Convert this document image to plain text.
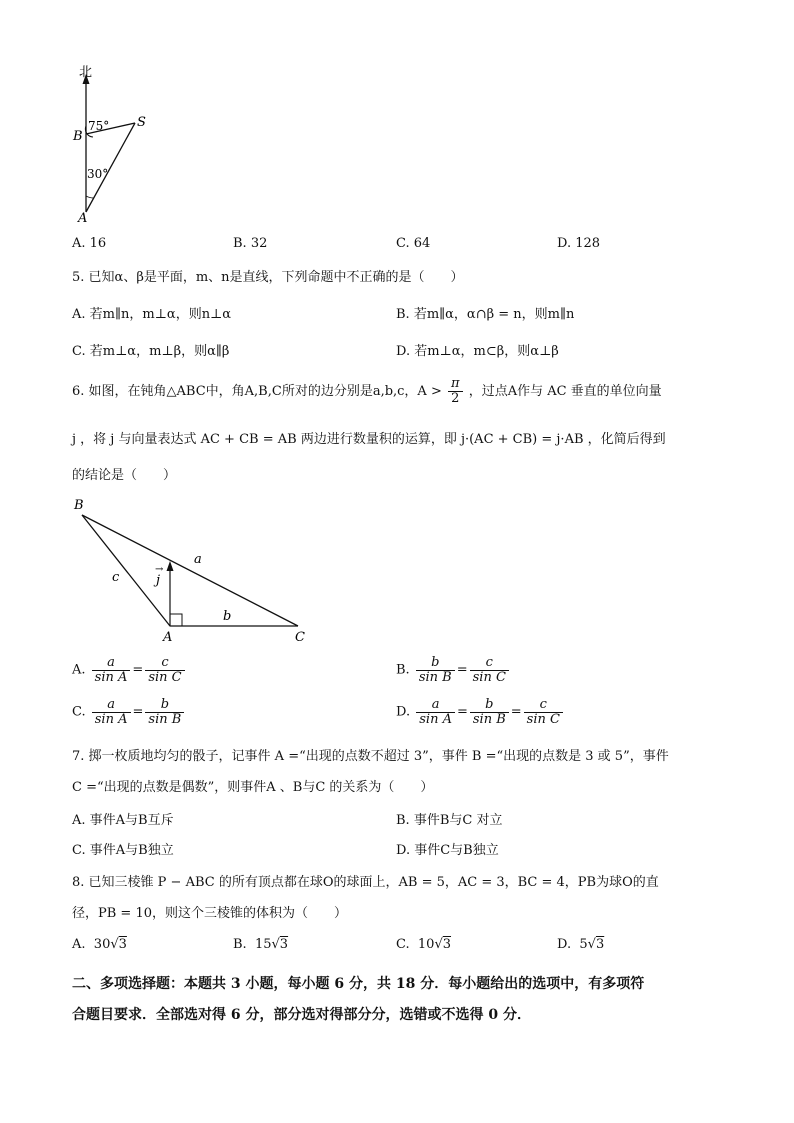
北
75°
30°
B
S
A
A. 16	B. 32	C. 64	D. 128
5. 已知α、β是平面，m、n是直线，下列命题中不正确的是（　　）
A. 若m∥n，m⊥α，则n⊥α	B. 若m∥α，α∩β = n，则m∥n
C. 若m⊥α，m⊥β，则α∥β	D. 若m⊥α，m⊂β，则α⊥β
6. 如图，在钝角△ABC中，角A,B,C所对的边分别是a,b,c，$A > \frac{\pi}{2}$ ，过点A作与 AC 垂直的单位向量
j ，将 j 与向量表达式 AC + CB = AB 两边进行数量积的运算，即 j·(AC + CB) = j·AB ，化简后得到
的结论是（　　）
B
A	C
a
b
c	j
→
A. $\frac{a}{\text{sin A}} = \frac{c}{\text{sin C}}$	B. $\frac{b}{\text{sin B}} = \frac{c}{\text{sin C}}$
C. $\frac{a}{\text{sin A}} = \frac{b}{\text{sin B}}$	D. $\frac{a}{\text{sin A}} = \frac{b}{\text{sin B}} = \frac{c}{\text{sin C}}$
7. 掷一枚质地均匀的骰子，记事件 A =“出现的点数不超过 3”，事件 B =“出现的点数是 3 或 5”，事件
C =“出现的点数是偶数”，则事件A 、B与C 的关系为（　　）
A. 事件A与B互斥	B. 事件B与C 对立
C. 事件A与B独立	D. 事件C与B独立
8. 已知三棱锥 P − ABC 的所有顶点都在球O的球面上，AB = 5，AC = 3，BC = 4，PB为球O的直
径，PB = 10，则这个三棱锥的体积为（　　）
A. 30√3	B. 15√3	C. 10√3	D. 5√3
二、多项选择题：本题共 3 小题，每小题 6 分，共 18 分．每小题给出的选项中，有多项符
合题目要求．全部选对得 6 分，部分选对得部分分，选错或不选得 0 分．
